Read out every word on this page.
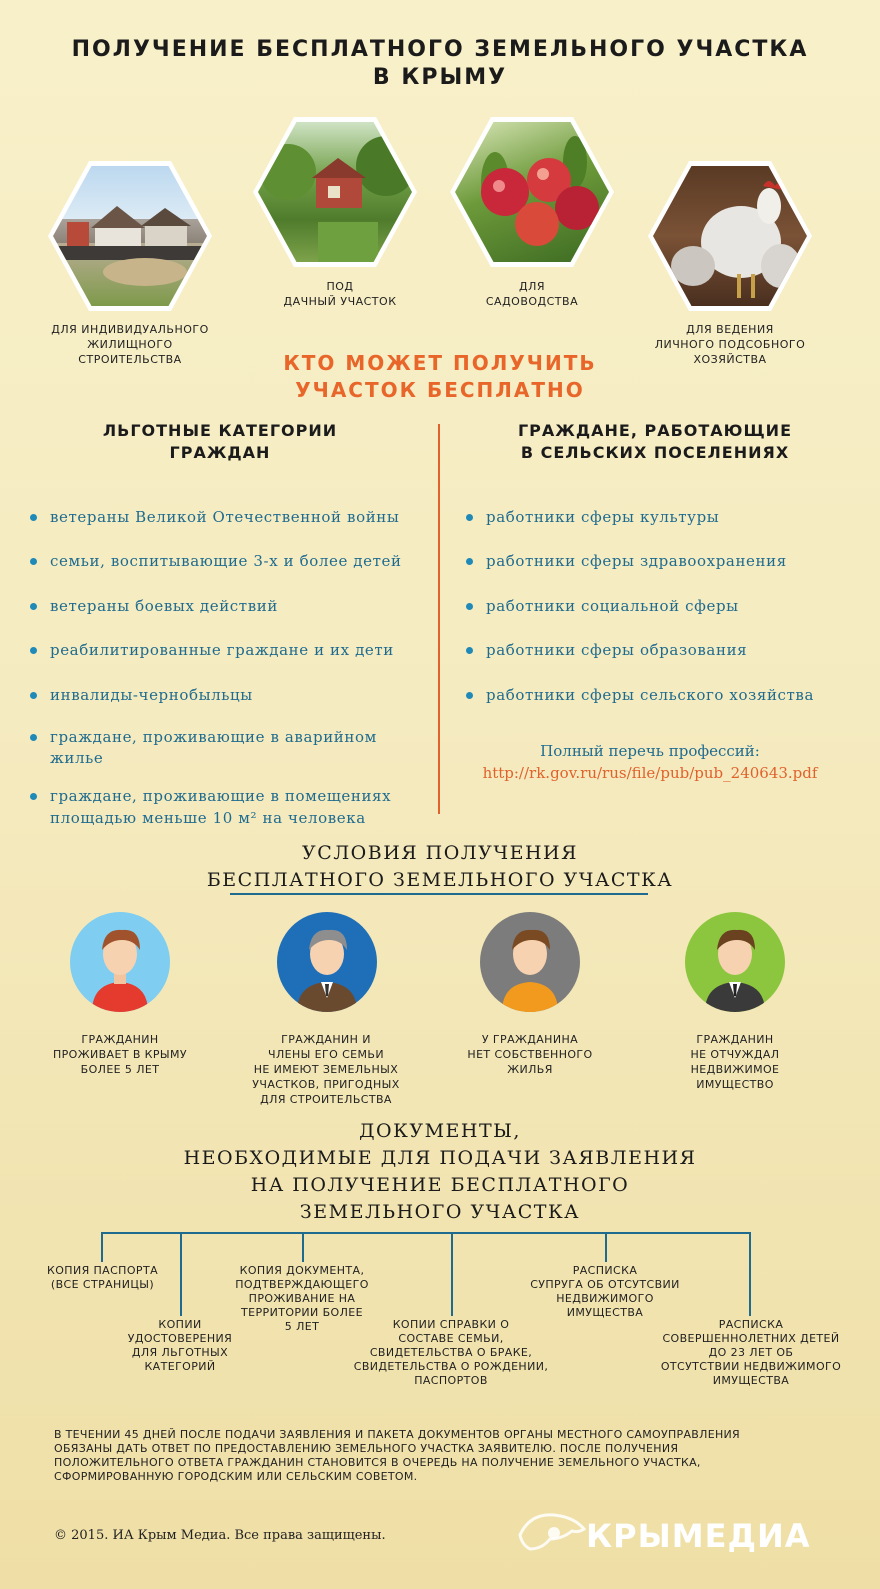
ПОЛУЧЕНИЕ БЕСПЛАТНОГО ЗЕМЕЛЬНОГО УЧАСТКА
В КРЫМУ
ДЛЯ ИНДИВИДУАЛЬНОГО
ЖИЛИЩНОГО
СТРОИТЕЛЬСТВА
ПОД
ДАЧНЫЙ УЧАСТОК
ДЛЯ
САДОВОДСТВА
ДЛЯ ВЕДЕНИЯ
ЛИЧНОГО ПОДСОБНОГО
ХОЗЯЙСТВА
КТО МОЖЕТ ПОЛУЧИТЬ
УЧАСТОК БЕСПЛАТНО
ЛЬГОТНЫЕ КАТЕГОРИИ
ГРАЖДАН
ГРАЖДАНЕ, РАБОТАЮЩИЕ
В СЕЛЬСКИХ ПОСЕЛЕНИЯХ
ветераны Великой Отечественной войны
семьи, воспитывающие 3-х и более детей
ветераны боевых действий
реабилитированные граждане и их дети
инвалиды-чернобыльцы
граждане, проживающие в аварийном
жилье
граждане, проживающие в помещениях
площадью меньше 10 м² на человека
работники сферы культуры
работники сферы здравоохранения
работники социальной сферы
работники сферы образования
работники сферы сельского хозяйства
Полный перечь профессий:
http://rk.gov.ru/rus/file/pub/pub_240643.pdf
УСЛОВИЯ ПОЛУЧЕНИЯ
БЕСПЛАТНОГО ЗЕМЕЛЬНОГО УЧАСТКА
ГРАЖДАНИН
ПРОЖИВАЕТ В КРЫМУ
БОЛЕЕ 5 ЛЕТ
ГРАЖДАНИН И
ЧЛЕНЫ ЕГО СЕМЬИ
НЕ ИМЕЮТ ЗЕМЕЛЬНЫХ
УЧАСТКОВ, ПРИГОДНЫХ
ДЛЯ СТРОИТЕЛЬСТВА
У ГРАЖДАНИНА
НЕТ СОБСТВЕННОГО
ЖИЛЬЯ
ГРАЖДАНИН
НЕ ОТЧУЖДАЛ
НЕДВИЖИМОЕ
ИМУЩЕСТВО
ДОКУМЕНТЫ,
НЕОБХОДИМЫЕ ДЛЯ ПОДАЧИ ЗАЯВЛЕНИЯ
НА ПОЛУЧЕНИЕ БЕСПЛАТНОГО
ЗЕМЕЛЬНОГО УЧАСТКА
КОПИЯ ПАСПОРТА
(ВСЕ СТРАНИЦЫ)
КОПИИ
УДОСТОВЕРЕНИЯ
ДЛЯ ЛЬГОТНЫХ
КАТЕГОРИЙ
КОПИЯ ДОКУМЕНТА,
ПОДТВЕРЖДАЮЩЕГО
ПРОЖИВАНИЕ НА
ТЕРРИТОРИИ БОЛЕЕ
5 ЛЕТ	КОПИИ СПРАВКИ О
СОСТАВЕ СЕМЬИ,
СВИДЕТЕЛЬСТВА О БРАКЕ,
СВИДЕТЕЛЬСТВА О РОЖДЕНИИ,
ПАСПОРТОВ
РАСПИСКА
СУПРУГА ОБ ОТСУТСВИИ
НЕДВИЖИМОГО
ИМУЩЕСТВА
РАСПИСКА
СОВЕРШЕННОЛЕТНИХ ДЕТЕЙ
ДО 23 ЛЕТ ОБ
ОТСУТСТВИИ НЕДВИЖИМОГО
ИМУЩЕСТВА
В ТЕЧЕНИИ 45 ДНЕЙ ПОСЛЕ ПОДАЧИ ЗАЯВЛЕНИЯ И ПАКЕТА ДОКУМЕНТОВ ОРГАНЫ МЕСТНОГО САМОУПРАВЛЕНИЯ
ОБЯЗАНЫ ДАТЬ ОТВЕТ ПО ПРЕДОСТАВЛЕНИЮ ЗЕМЕЛЬНОГО УЧАСТКА ЗАЯВИТЕЛЮ. ПОСЛЕ ПОЛУЧЕНИЯ
ПОЛОЖИТЕЛЬНОГО ОТВЕТА ГРАЖДАНИН СТАНОВИТСЯ В ОЧЕРЕДЬ НА ПОЛУЧЕНИЕ ЗЕМЕЛЬНОГО УЧАСТКА,
СФОРМИРОВАННУЮ ГОРОДСКИМ ИЛИ СЕЛЬСКИМ СОВЕТОМ.
© 2015. ИА Крым Медиа. Все права защищены.	КРЫМЕДИА
